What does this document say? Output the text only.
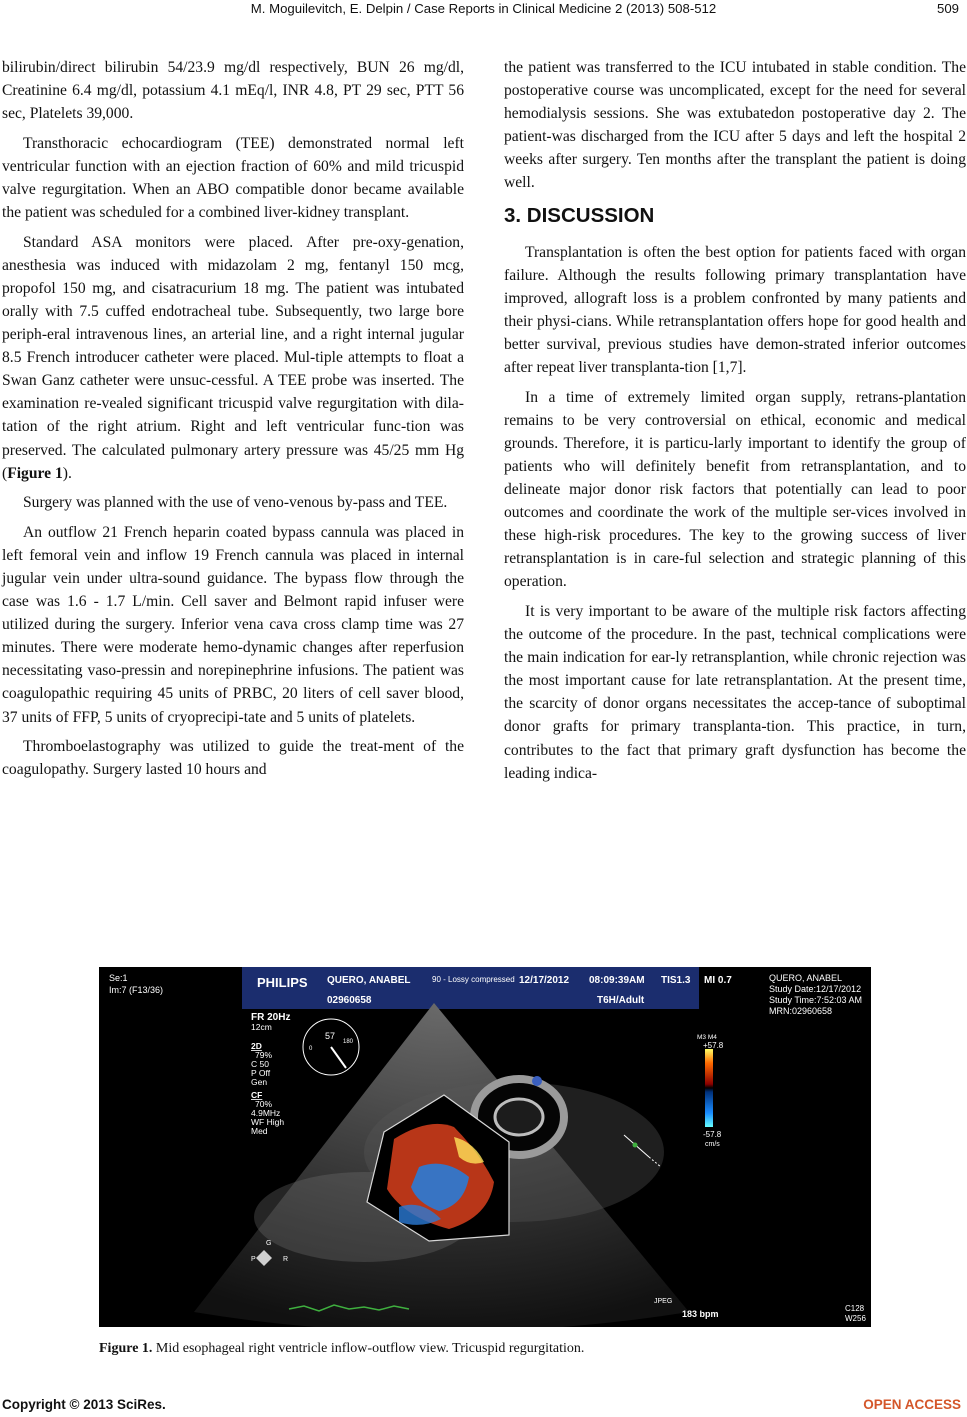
M. Moguilevitch, E. Delpin / Case Reports in Clinical Medicine 2 (2013) 508-512	509

bilirubin/direct bilirubin 54/23.9 mg/dl respectively, BUN 26 mg/dl, Creatinine 6.4 mg/dl, potassium 4.1 mEq/l, INR 4.8, PT 29 sec, PTT 56 sec, Platelets 39,000.

Transthoracic echocardiogram (TEE) demonstrated normal left ventricular function with an ejection fraction of 60% and mild tricuspid valve regurgitation. When an ABO compatible donor became available the patient was scheduled for a combined liver-kidney transplant.

Standard ASA monitors were placed. After pre-oxy-genation, anesthesia was induced with midazolam 2 mg, fentanyl 150 mcg, propofol 150 mg, and cisatracurium 18 mg. The patient was intubated orally with 7.5 cuffed endotracheal tube. Subsequently, two large bore periph-eral intravenous lines, an arterial line, and a right internal jugular 8.5 French introducer catheter were placed. Mul-tiple attempts to float a Swan Ganz catheter were unsuc-cessful. A TEE probe was inserted. The examination re-vealed significant tricuspid valve regurgitation with dila-tation of the right atrium. Right and left ventricular func-tion was preserved. The calculated pulmonary artery pressure was 45/25 mm Hg (Figure 1).

Surgery was planned with the use of veno-venous by-pass and TEE.

An outflow 21 French heparin coated bypass cannula was placed in left femoral vein and inflow 19 French cannula was placed in internal jugular vein under ultra-sound guidance. The bypass flow through the case was 1.6 - 1.7 L/min. Cell saver and Belmont rapid infuser were utilized during the surgery. Inferior vena cava cross clamp time was 27 minutes. There were moderate hemo-dynamic changes after reperfusion necessitating vaso-pressin and norepinephrine infusions. The patient was coagulopathic requiring 45 units of PRBC, 20 liters of cell saver blood, 37 units of FFP, 5 units of cryoprecipi-tate and 5 units of platelets.

Thromboelastography was utilized to guide the treat-ment of the coagulopathy. Surgery lasted 10 hours and

the patient was transferred to the ICU intubated in stable condition. The postoperative course was uncomplicated, except for the need for several hemodialysis sessions. She was extubatedon postoperative day 2. The patient-was discharged from the ICU after 5 days and left the hospital 2 weeks after surgery. Ten months after the transplant the patient is doing well.

3. DISCUSSION

Transplantation is often the best option for patients faced with organ failure. Although the results following primary transplantation have improved, allograft loss is a problem confronted by many patients and their physi-cians. While retransplantation offers hope for good health and better survival, previous studies have demon-strated inferior outcomes after repeat liver transplanta-tion [1,7].

In a time of extremely limited organ supply, retrans-plantation remains to be very controversial on ethical, economic and medical grounds. Therefore, it is particu-larly important to identify the group of patients who will definitely benefit from retransplantation, and to delineate major donor risk factors that potentially can lead to poor outcomes and coordinate the work of the multiple ser-vices involved in these high-risk procedures. The key to the growing success of liver retransplantation is in care-ful selection and strategic planning of this operation.

It is very important to be aware of the multiple risk factors affecting the outcome of the procedure. In the past, technical complications were the main indication for ear-ly retransplantion, while chronic rejection was the most important cause for late retransplantation. At the present time, the scarcity of donor organs necessitates the accep-tance of suboptimal donor grafts for primary transplanta-tion. This practice, in turn, contributes to the fact that primary graft dysfunction has become the leading indica-

Se:1
Im:7 (F13/36)	PHILIPS QUERO, ANABEL
02960658
90 - Lossy compressed 12/17/2012 08:09:39AM TIS1.3 MI 0.7
T6H/Adult
QUERO, ANABEL
Study Date:12/17/2012
Study Time:7:52:03 AM
MRN:02960658
FR 20Hz
12cm
2D
79%
C 50
P Off
Gen
CF
70%
4.9MHz
WF High
Med
57
0
180
M3 M4
+57.8
-57.8
cm/s
G
P	R
JPEG
183 bpm
C128
W256
Figure 1. Mid esophageal right ventricle inflow-outflow view. Tricuspid regurgitation.
Copyright © 2013 SciRes.	OPEN ACCESS
